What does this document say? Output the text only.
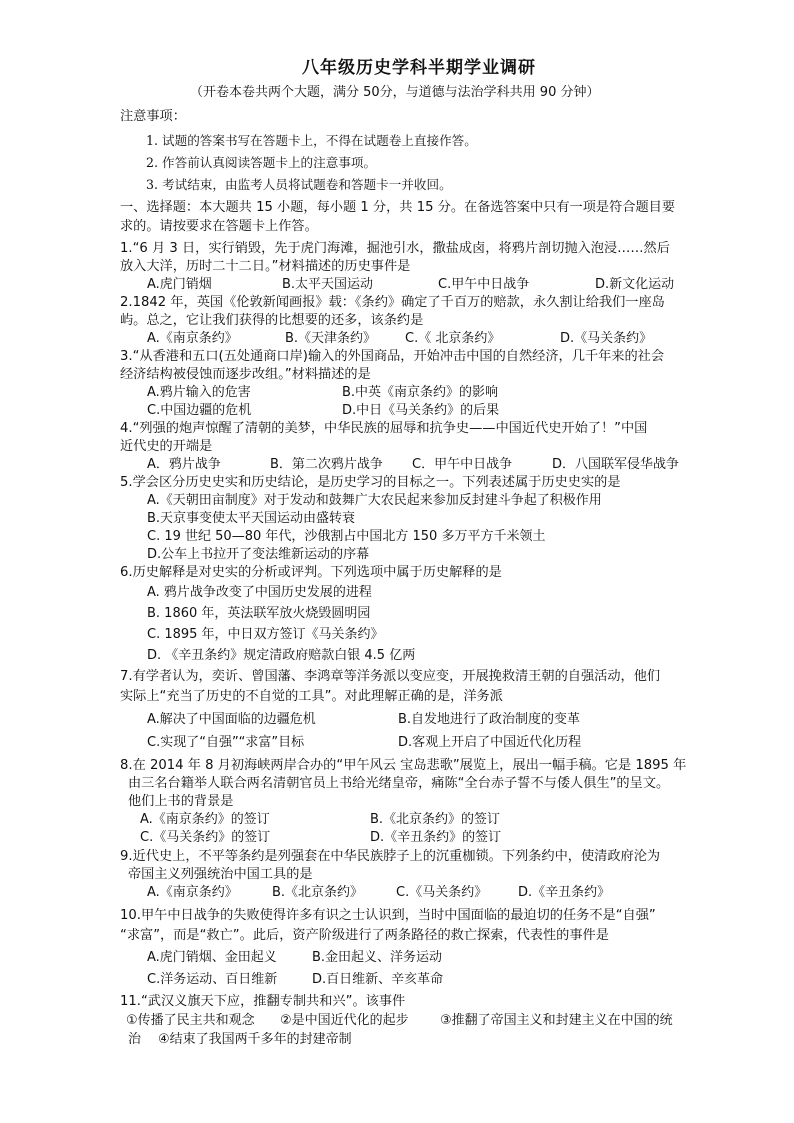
八年级历史学科半期学业调研
（开卷本卷共两个大题，满分 50分，与道德与法治学科共用 90 分钟）
注意事项：
1. 试题的答案书写在答题卡上，不得在试题卷上直接作答。
2. 作答前认真阅读答题卡上的注意事项。
3. 考试结束，由监考人员将试题卷和答题卡一并收回。
一、选择题：本大题共 15 小题，每小题 1 分，共 15 分。在备选答案中只有一项是符合题目要
求的。请按要求在答题卡上作答。
1.“6 月 3 日，实行销毁，先于虎门海滩，掘池引水，撒盐成卤，将鸦片剖切抛入泡浸……然后
放入大洋，历时二十二日。”材料描述的历史事件是
A.虎门销烟	B.太平天国运动	C.甲午中日战争	D.新文化运动
2.1842 年，英国《伦敦新闻画报》载：《条约》确定了千百万的赔款，永久割让给我们一座岛
屿。总之，它让我们获得的比想要的还多，该条约是
A.《南京条约》	B.《天津条约》 C.《 北京条约》	D.《马关条约》
3.“从香港和五口(五处通商口岸)输入的外国商品，开始冲击中国的自然经济，几千年来的社会
经济结构被侵蚀而逐步改组。”材料描述的是
A.鸦片输入的危害	B.中英《南京条约》的影响
C.中国边疆的危机	D.中日《马关条约》的后果
4.“列强的炮声惊醒了清朝的美梦，中华民族的屈辱和抗争史——中国近代史开始了！”中国
近代史的开端是
A．鸦片战争	B．第二次鸦片战争 C．甲午中日战争	D．八国联军侵华战争
5.学会区分历史史实和历史结论，是历史学习的目标之一。下列表述属于历史史实的是
A.《天朝田亩制度》对于发动和鼓舞广大农民起来参加反封建斗争起了积极作用
B.天京事变使太平天国运动由盛转衰
C. 19 世纪 50—80 年代，沙俄割占中国北方 150 多万平方千米领土
D.公车上书拉开了变法维新运动的序幕
6.历史解释是对史实的分析或评判。下列选项中属于历史解释的是
A. 鸦片战争改变了中国历史发展的进程
B. 1860 年，英法联军放火烧毁圆明园
C. 1895 年，中日双方签订《马关条约》
D. 《辛丑条约》规定清政府赔款白银 4.5 亿两
7.有学者认为，奕䜣、曾国藩、李鸿章等洋务派以变应变，开展挽救清王朝的自强活动，他们
实际上“充当了历史的不自觉的工具”。对此理解正确的是，洋务派
A.解决了中国面临的边疆危机	B.自发地进行了政治制度的变革
C.实现了“自强”“求富”目标	D.客观上开启了中国近代化历程
8.在 2014 年 8 月初海峡两岸合办的“甲午风云 宝岛悲歌”展览上，展出一幅手稿。它是 1895 年
由三名台籍举人联合两名清朝官员上书给光绪皇帝，痛陈“全台赤子誓不与倭人俱生”的呈文。
他们上书的背景是
A.《南京条约》的签订	B.《北京条约》的签订
C.《马关条约》的签订	D.《辛丑条约》的签订
9.近代史上，不平等条约是列强套在中华民族脖子上的沉重枷锁。下列条约中，使清政府沦为
帝国主义列强统治中国工具的是
A.《南京条约》	B.《北京条约》	C.《马关条约》 D.《辛丑条约》
10.甲午中日战争的失败使得许多有识之士认识到，当时中国面临的最迫切的任务不是“自强”
“求富”，而是“救亡”。此后，资产阶级进行了两条路径的救亡探索，代表性的事件是
A.虎门销烟、金田起义	B.金田起义、洋务运动
C.洋务运动、百日维新	D.百日维新、辛亥革命
11.“武汉义旗天下应，推翻专制共和兴”。该事件
①传播了民主共和观念 ②是中国近代化的起步 ③推翻了帝国主义和封建主义在中国的统
治 ④结束了我国两千多年的封建帝制
